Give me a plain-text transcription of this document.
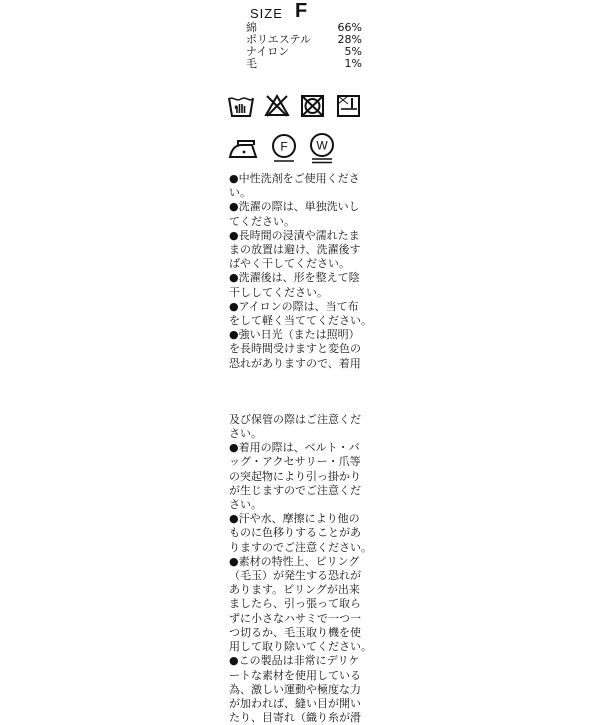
SIZE F
綿	66%
ポリエステル 28%
ナイロン	5%
毛	1%
F W

●中性洗剤をご使用くださ

い。

●洗濯の際は、単独洗いし

てください。

●長時間の浸漬や濡れたま

まの放置は避け、洗濯後す

ばやく干してください。

●洗濯後は、形を整えて陰

干ししてください。

●アイロンの際は、当て布

をして軽く当ててください。

●強い日光（または照明）

を長時間受けますと変色の

恐れがありますので、着用

及び保管の際はご注意くだ

さい。

●着用の際は、ベルト・バ

ッグ・アクセサリー・爪等

の突起物により引っ掛かり

が生じますのでご注意くだ

さい。

●汗や水、摩擦により他の

ものに色移りすることがあ

りますのでご注意ください。

●素材の特性上、ピリング

（毛玉）が発生する恐れが

あります。ピリングが出来

ましたら、引っ張って取ら

ずに小さなハサミで一つ一

つ切るか、毛玉取り機を使

用して取り除いてください。

●この製品は非常にデリケ

ートな素材を使用している

為、激しい運動や極度な力

が加われば、縫い目が開い

たり、目寄れ（織り糸が滑
